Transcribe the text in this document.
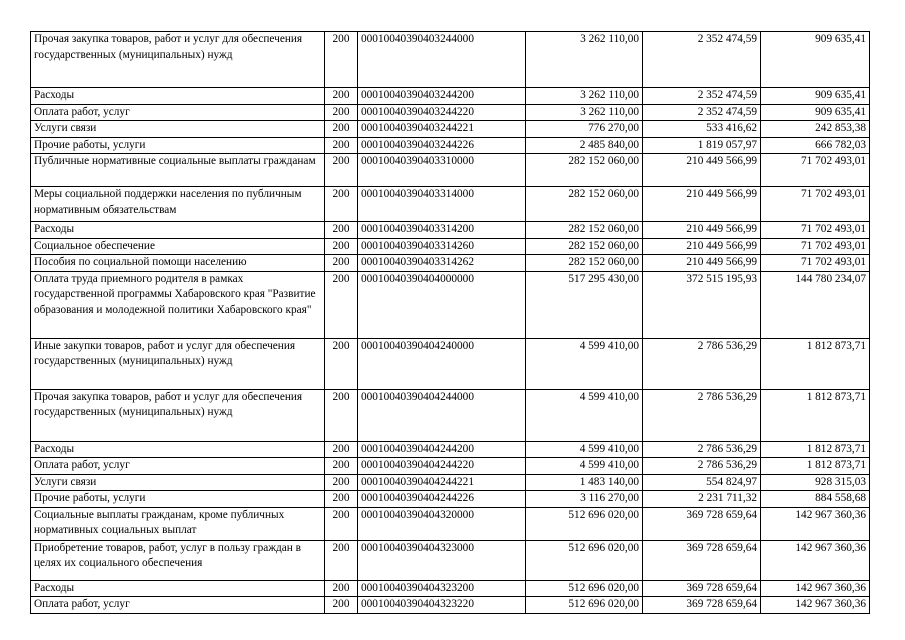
Прочая закупка товаров, работ и услуг для обеспечения государственных (муниципальных) нужд	200	00010040390403244000	3 262 110,00	2 352 474,59	909 635,41
Расходы	200	00010040390403244200	3 262 110,00	2 352 474,59	909 635,41
Оплата работ, услуг	200	00010040390403244220	3 262 110,00	2 352 474,59	909 635,41
Услуги связи	200	00010040390403244221	776 270,00	533 416,62	242 853,38
Прочие работы, услуги	200	00010040390403244226	2 485 840,00	1 819 057,97	666 782,03
Публичные нормативные социальные выплаты гражданам	200	00010040390403310000	282 152 060,00	210 449 566,99	71 702 493,01
Меры социальной поддержки населения по публичным нормативным обязательствам	200	00010040390403314000	282 152 060,00	210 449 566,99	71 702 493,01
Расходы	200	00010040390403314200	282 152 060,00	210 449 566,99	71 702 493,01
Социальное обеспечение	200	00010040390403314260	282 152 060,00	210 449 566,99	71 702 493,01
Пособия по социальной помощи населению	200	00010040390403314262	282 152 060,00	210 449 566,99	71 702 493,01
Оплата труда приемного родителя в рамках государственной программы Хабаровского края "Развитие образования и молодежной политики Хабаровского края"	200	00010040390404000000	517 295 430,00	372 515 195,93	144 780 234,07
Иные закупки товаров, работ и услуг для обеспечения государственных (муниципальных) нужд	200	00010040390404240000	4 599 410,00	2 786 536,29	1 812 873,71
Прочая закупка товаров, работ и услуг для обеспечения государственных (муниципальных) нужд	200	00010040390404244000	4 599 410,00	2 786 536,29	1 812 873,71
Расходы	200	00010040390404244200	4 599 410,00	2 786 536,29	1 812 873,71
Оплата работ, услуг	200	00010040390404244220	4 599 410,00	2 786 536,29	1 812 873,71
Услуги связи	200	00010040390404244221	1 483 140,00	554 824,97	928 315,03
Прочие работы, услуги	200	00010040390404244226	3 116 270,00	2 231 711,32	884 558,68
Социальные выплаты гражданам, кроме публичных нормативных социальных выплат	200	00010040390404320000	512 696 020,00	369 728 659,64	142 967 360,36
Приобретение товаров, работ, услуг в пользу граждан в целях их социального обеспечения	200	00010040390404323000	512 696 020,00	369 728 659,64	142 967 360,36
Расходы	200	00010040390404323200	512 696 020,00	369 728 659,64	142 967 360,36
Оплата работ, услуг	200	00010040390404323220	512 696 020,00	369 728 659,64	142 967 360,36
